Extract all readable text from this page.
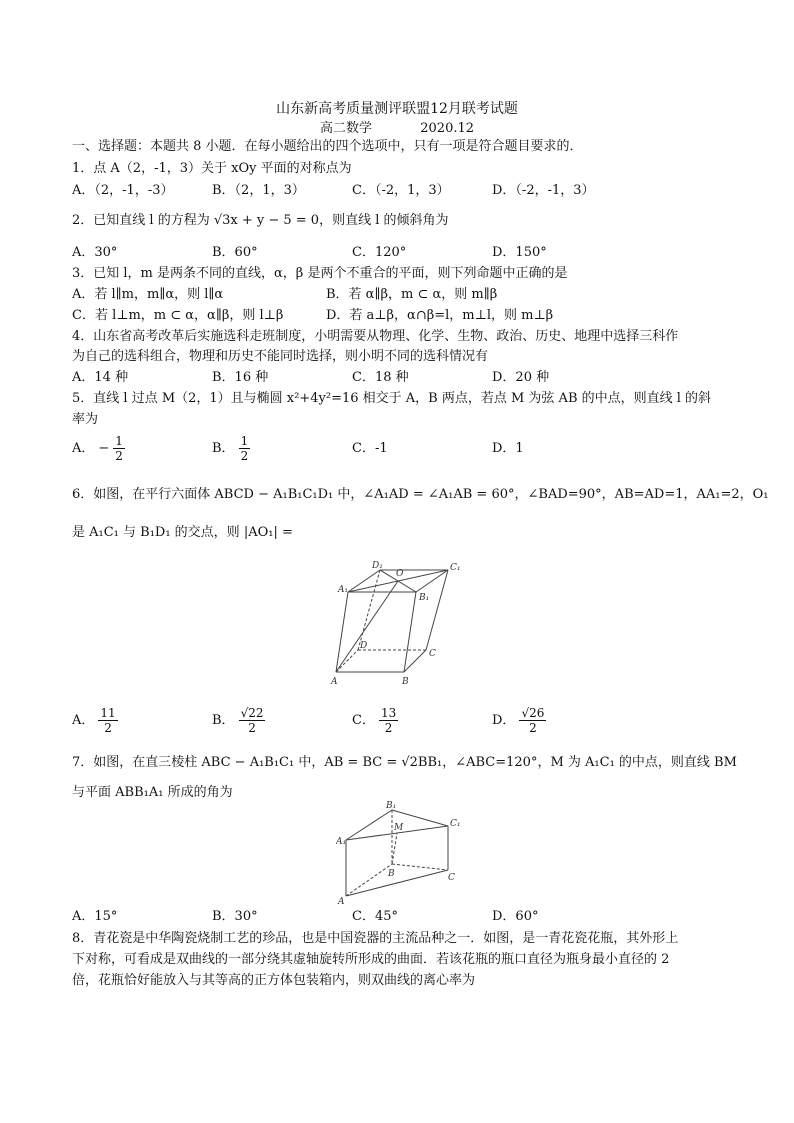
山东新高考质量测评联盟12月联考试题
高二数学	2020.12
一、选择题：本题共 8 小题．在每小题给出的四个选项中，只有一项是符合题目要求的．
1．点 A（2，-1，3）关于 xOy 平面的对称点为
A．（2，-1，-3）	B．（2，1，3）	C．（-2，1，3）	D．（-2，-1，3）
2．已知直线 l 的方程为 √3x + y − 5 = 0，则直线 l 的倾斜角为
A．30°	B．60°	C．120°	D．150°
3．已知 l，m 是两条不同的直线，α，β 是两个不重合的平面，则下列命题中正确的是
A．若 l∥m，m∥α，则 l∥α	B．若 α∥β，m ⊂ α，则 m∥β
C．若 l⊥m，m ⊂ α，α∥β，则 l⊥β	D．若 a⊥β，α∩β=l，m⊥l，则 m⊥β
4．山东省高考改革后实施选科走班制度，小明需要从物理、化学、生物、政治、历史、地理中选择三科作
为自己的选科组合，物理和历史不能同时选择，则小明不同的选科情况有
A．14 种	B．16 种	C．18 种	D．20 种
5．直线 l 过点 M（2，1）且与椭圆 x²+4y²=16 相交于 A，B 两点，若点 M 为弦 AB 的中点，则直线 l 的斜
率为
A． − $\frac{1}{2}$	B． $\frac{1}{2}$	C．-1	D．1
6．如图，在平行六面体 ABCD − A₁B₁C₁D₁ 中，∠A₁AD = ∠A₁AB = 60°，∠BAD=90°，AB=AD=1，AA₁=2，O₁
是 A₁C₁ 与 B₁D₁ 的交点，则 |AO₁| =
D₁
O
C₁
A₁
B₁
D
C
A	B
A． $\frac{11}{2}$	B． $\frac{√22}{2}$	C． $\frac{13}{2}$	D． $\frac{√26}{2}$
7．如图，在直三棱柱 ABC − A₁B₁C₁ 中，AB = BC = √2BB₁，∠ABC=120°，M 为 A₁C₁ 的中点，则直线 BM
与平面 ABB₁A₁ 所成的角为
B₁
M	C₁
A₁
B
A
C
A．15°	B．30°	C．45°	D．60°
8．青花瓷是中华陶瓷烧制工艺的珍品，也是中国瓷器的主流品种之一．如图，是一青花瓷花瓶，其外形上
下对称，可看成是双曲线的一部分绕其虚轴旋转所形成的曲面．若该花瓶的瓶口直径为瓶身最小直径的 2
倍，花瓶恰好能放入与其等高的正方体包装箱内，则双曲线的离心率为
